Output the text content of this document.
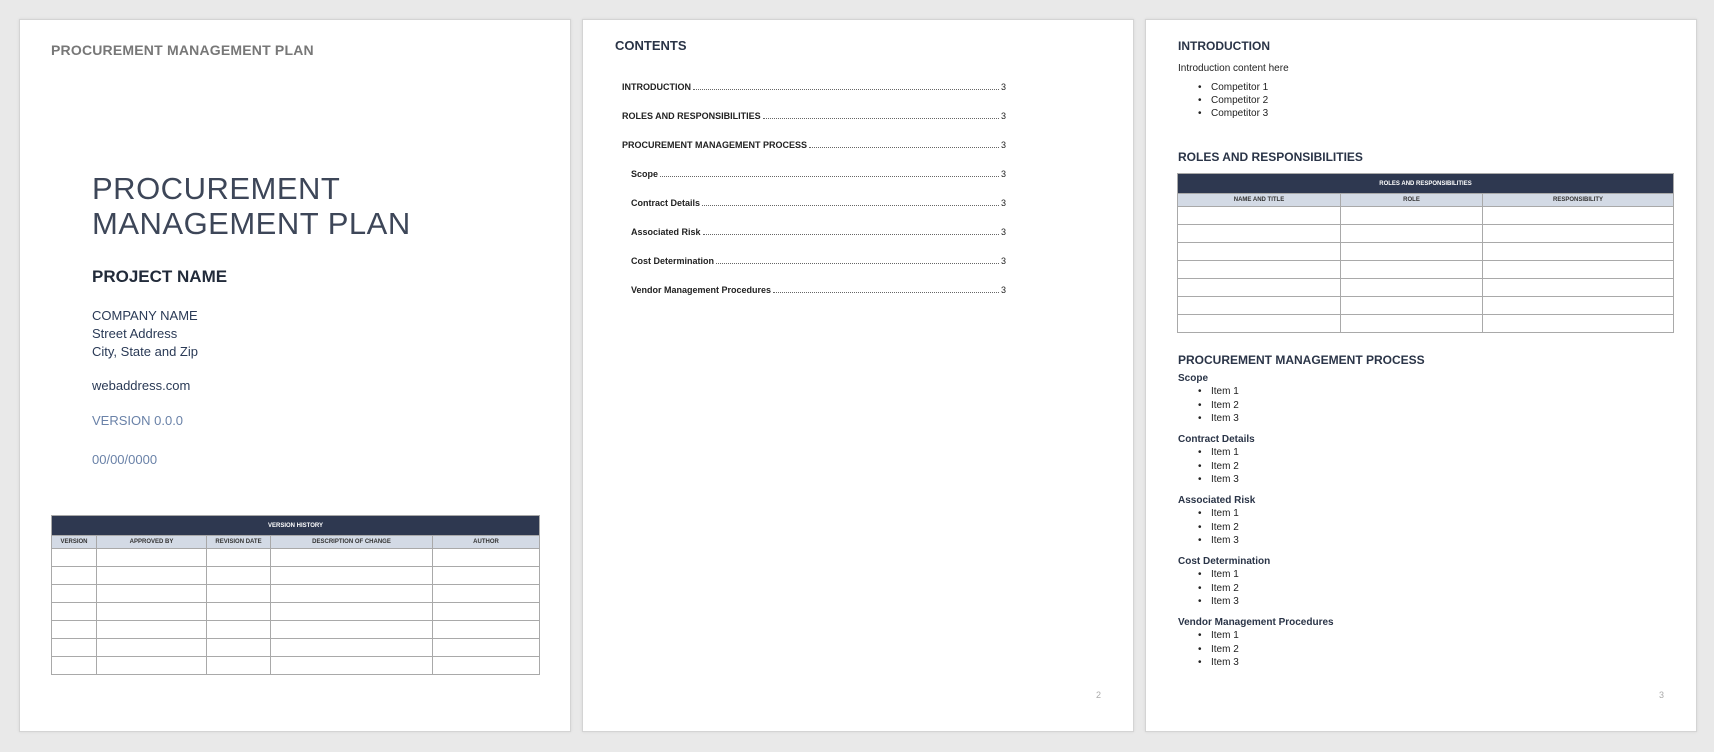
PROCUREMENT MANAGEMENT PLAN
PROCUREMENT
MANAGEMENT PLAN
PROJECT NAME
COMPANY NAME
Street Address
City, State and Zip
webaddress.com
VERSION 0.0.0
00/00/0000
VERSION HISTORY				
VERSION	APPROVED BY	REVISION DATE	DESCRIPTION OF CHANGE	AUTHOR

CONTENTS
INTRODUCTION	3
ROLES AND RESPONSIBILITIES	3
PROCUREMENT MANAGEMENT PROCESS	3
Scope	3
Contract Details	3
Associated Risk	3
Cost Determination	3
Vendor Management Procedures	3
2
INTRODUCTION
Introduction content here
• Competitor 1
• Competitor 2
• Competitor 3
ROLES AND RESPONSIBILITIES
ROLES AND RESPONSIBILITIES		
NAME AND TITLE	ROLE	RESPONSIBILITY

PROCUREMENT MANAGEMENT PROCESS
Scope
• Item 1
• Item 2
• Item 3
Contract Details
• Item 1
• Item 2
• Item 3
Associated Risk
• Item 1
• Item 2
• Item 3
Cost Determination
• Item 1
• Item 2
• Item 3
Vendor Management Procedures
• Item 1
• Item 2
• Item 3
3
